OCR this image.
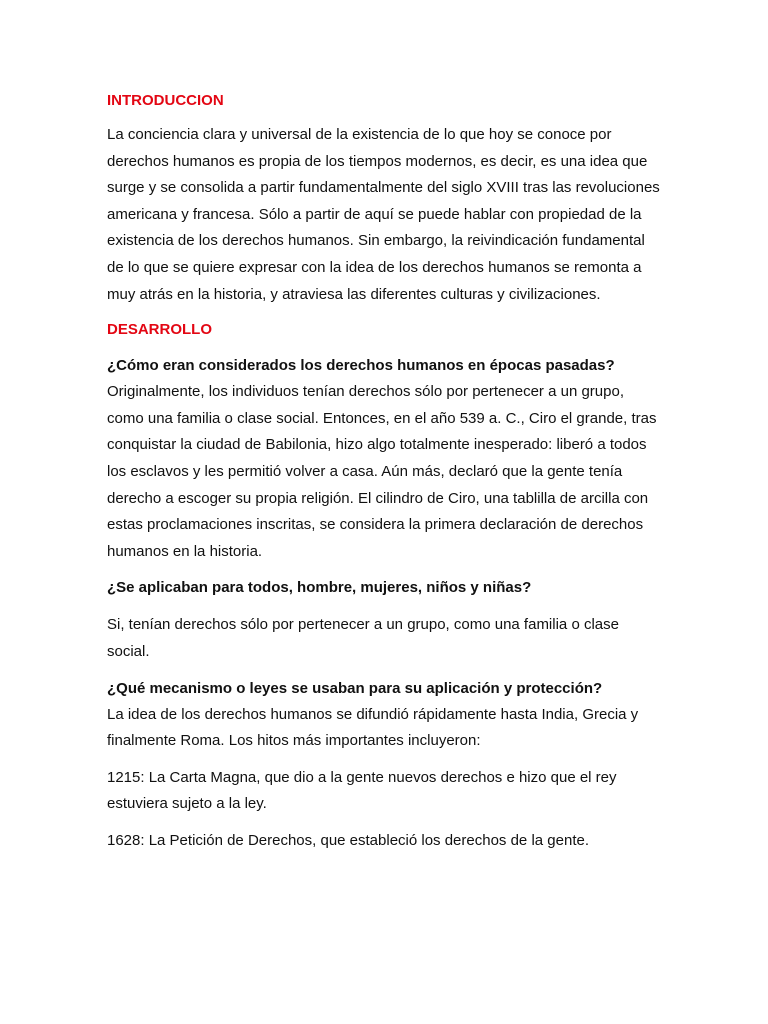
INTRODUCCION

La conciencia clara y universal de la existencia de lo que hoy se conoce por derechos humanos es propia de los tiempos modernos, es decir, es una idea que surge y se consolida a partir fundamentalmente del siglo XVIII tras las revoluciones americana y francesa. Sólo a partir de aquí se puede hablar con propiedad de la existencia de los derechos humanos. Sin embargo, la reivindicación fundamental de lo que se quiere expresar con la idea de los derechos humanos se remonta a muy atrás en la historia, y atraviesa las diferentes culturas y civilizaciones.

DESARROLLO

¿Cómo eran considerados los derechos humanos en épocas pasadas?

Originalmente, los individuos tenían derechos sólo por pertenecer a un grupo, como una familia o clase social. Entonces, en el año 539 a. C., Ciro el grande, tras conquistar la ciudad de Babilonia, hizo algo totalmente inesperado: liberó a todos los esclavos y les permitió volver a casa. Aún más, declaró que la gente tenía derecho a escoger su propia religión. El cilindro de Ciro, una tablilla de arcilla con estas proclamaciones inscritas, se considera la primera declaración de derechos humanos en la historia.

¿Se aplicaban para todos, hombre, mujeres, niños y niñas?

Si, tenían derechos sólo por pertenecer a un grupo, como una familia o clase social.

¿Qué mecanismo o leyes se usaban para su aplicación y protección?

La idea de los derechos humanos se difundió rápidamente hasta India, Grecia y finalmente Roma. Los hitos más importantes incluyeron:

1215: La Carta Magna, que dio a la gente nuevos derechos e hizo que el rey estuviera sujeto a la ley.

1628: La Petición de Derechos, que estableció los derechos de la gente.
